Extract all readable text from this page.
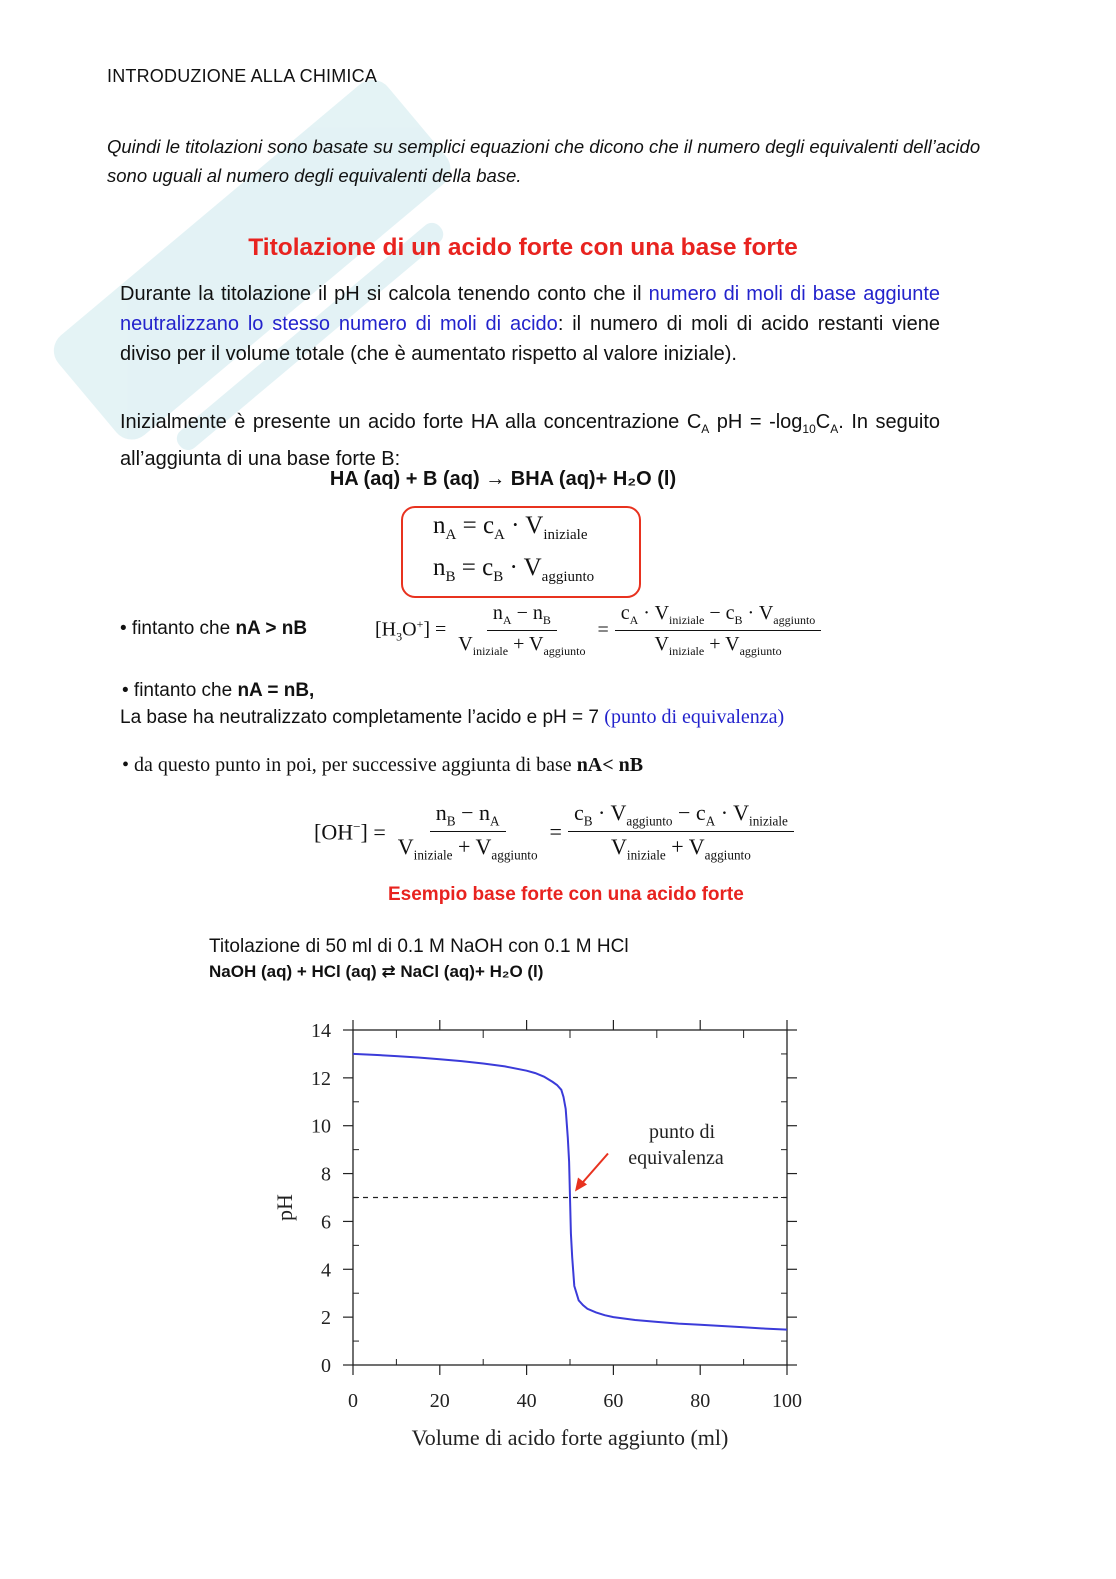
INTRODUZIONE ALLA CHIMICA
Quindi le titolazioni sono basate su semplici equazioni che dicono che il numero degli equivalenti dell’acido sono uguali al numero degli equivalenti della base.
Titolazione di un acido forte con una base forte
Durante la titolazione il pH si calcola tenendo conto che il numero di moli di base aggiunte neutralizzano lo stesso numero di moli di acido: il numero di moli di acido restanti viene diviso per il volume totale (che è aumentato rispetto al valore iniziale).
Inizialmente è presente un acido forte HA alla concentrazione $C_A$ pH = $-\log_{10}C_A$. In seguito all’aggiunta di una base forte B:
HA (aq) + B (aq) → BHA (aq)+ H₂O (l)
$n_A = c_A \cdot V_{iniziale}$
$n_B = c_B \cdot V_{aggiunto}$
• fintanto che nA > nB	$[H_3O^+] = \frac{n_A - n_B}{V_{iniziale} + V_{aggiunto}} = \frac{c_A \cdot V_{iniziale} - c_B \cdot V_{aggiunto}}{V_{iniziale} + V_{aggiunto}}$
• fintanto che nA = nB,
La base ha neutralizzato completamente l’acido e pH = 7 (punto di equivalenza)
• da questo punto in poi, per successive aggiunta di base nA< nB
$[OH^-] = \frac{n_B - n_A}{V_{iniziale} + V_{aggiunto}} = \frac{c_B \cdot V_{aggiunto} - c_A \cdot V_{iniziale}}{V_{iniziale} + V_{aggiunto}}$
Esempio base forte con una acido forte
Titolazione di 50 ml di 0.1 M NaOH con 0.1 M HCl
NaOH (aq) + HCl (aq) ⇄ NaCl (aq)+ H₂O (l)
0
2
4
6
8
10
12
14
0	20	40	60	80	100
punto di
equivalenza
Volume di acido forte aggiunto (ml)
pH
